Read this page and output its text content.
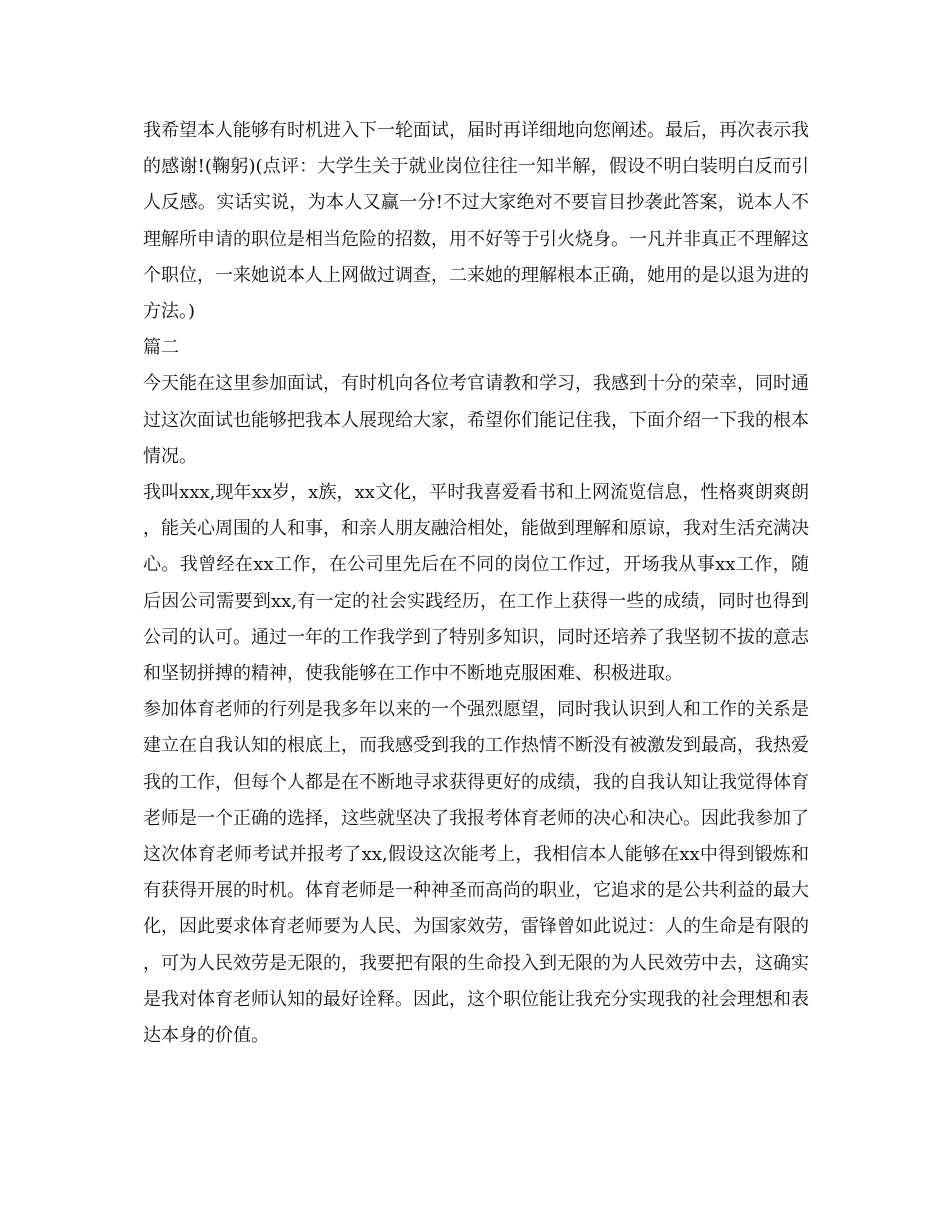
我希望本人能够有时机进入下一轮面试，届时再详细地向您阐述。最后，再次表示我的感谢!(鞠躬)(点评：大学生关于就业岗位往往一知半解，假设不明白装明白反而引人反感。实话实说，为本人又赢一分!不过大家绝对不要盲目抄袭此答案，说本人不理解所申请的职位是相当危险的招数，用不好等于引火烧身。一凡并非真正不理解这个职位，一来她说本人上网做过调查，二来她的理解根本正确，她用的是以退为进的方法。)

篇二

今天能在这里参加面试，有时机向各位考官请教和学习，我感到十分的荣幸，同时通过这次面试也能够把我本人展现给大家，希望你们能记住我，下面介绍一下我的根本情况。

我叫xxx,现年xx岁，x族，xx文化，平时我喜爱看书和上网流览信息，性格爽朗爽朗，能关心周围的人和事，和亲人朋友融洽相处，能做到理解和原谅，我对生活充满决心。我曾经在xx工作，在公司里先后在不同的岗位工作过，开场我从事xx工作，随后因公司需要到xx,有一定的社会实践经历，在工作上获得一些的成绩，同时也得到公司的认可。通过一年的工作我学到了特别多知识，同时还培养了我坚韧不拔的意志和坚韧拼搏的精神，使我能够在工作中不断地克服困难、积极进取。

参加体育老师的行列是我多年以来的一个强烈愿望，同时我认识到人和工作的关系是建立在自我认知的根底上，而我感受到我的工作热情不断没有被激发到最高，我热爱我的工作，但每个人都是在不断地寻求获得更好的成绩，我的自我认知让我觉得体育老师是一个正确的选择，这些就坚决了我报考体育老师的决心和决心。因此我参加了这次体育老师考试并报考了xx,假设这次能考上，我相信本人能够在xx中得到锻炼和有获得开展的时机。体育老师是一种神圣而高尚的职业，它追求的是公共利益的最大化，因此要求体育老师要为人民、为国家效劳，雷锋曾如此说过：人的生命是有限的，可为人民效劳是无限的，我要把有限的生命投入到无限的为人民效劳中去，这确实是我对体育老师认知的最好诠释。因此，这个职位能让我充分实现我的社会理想和表达本身的价值。
